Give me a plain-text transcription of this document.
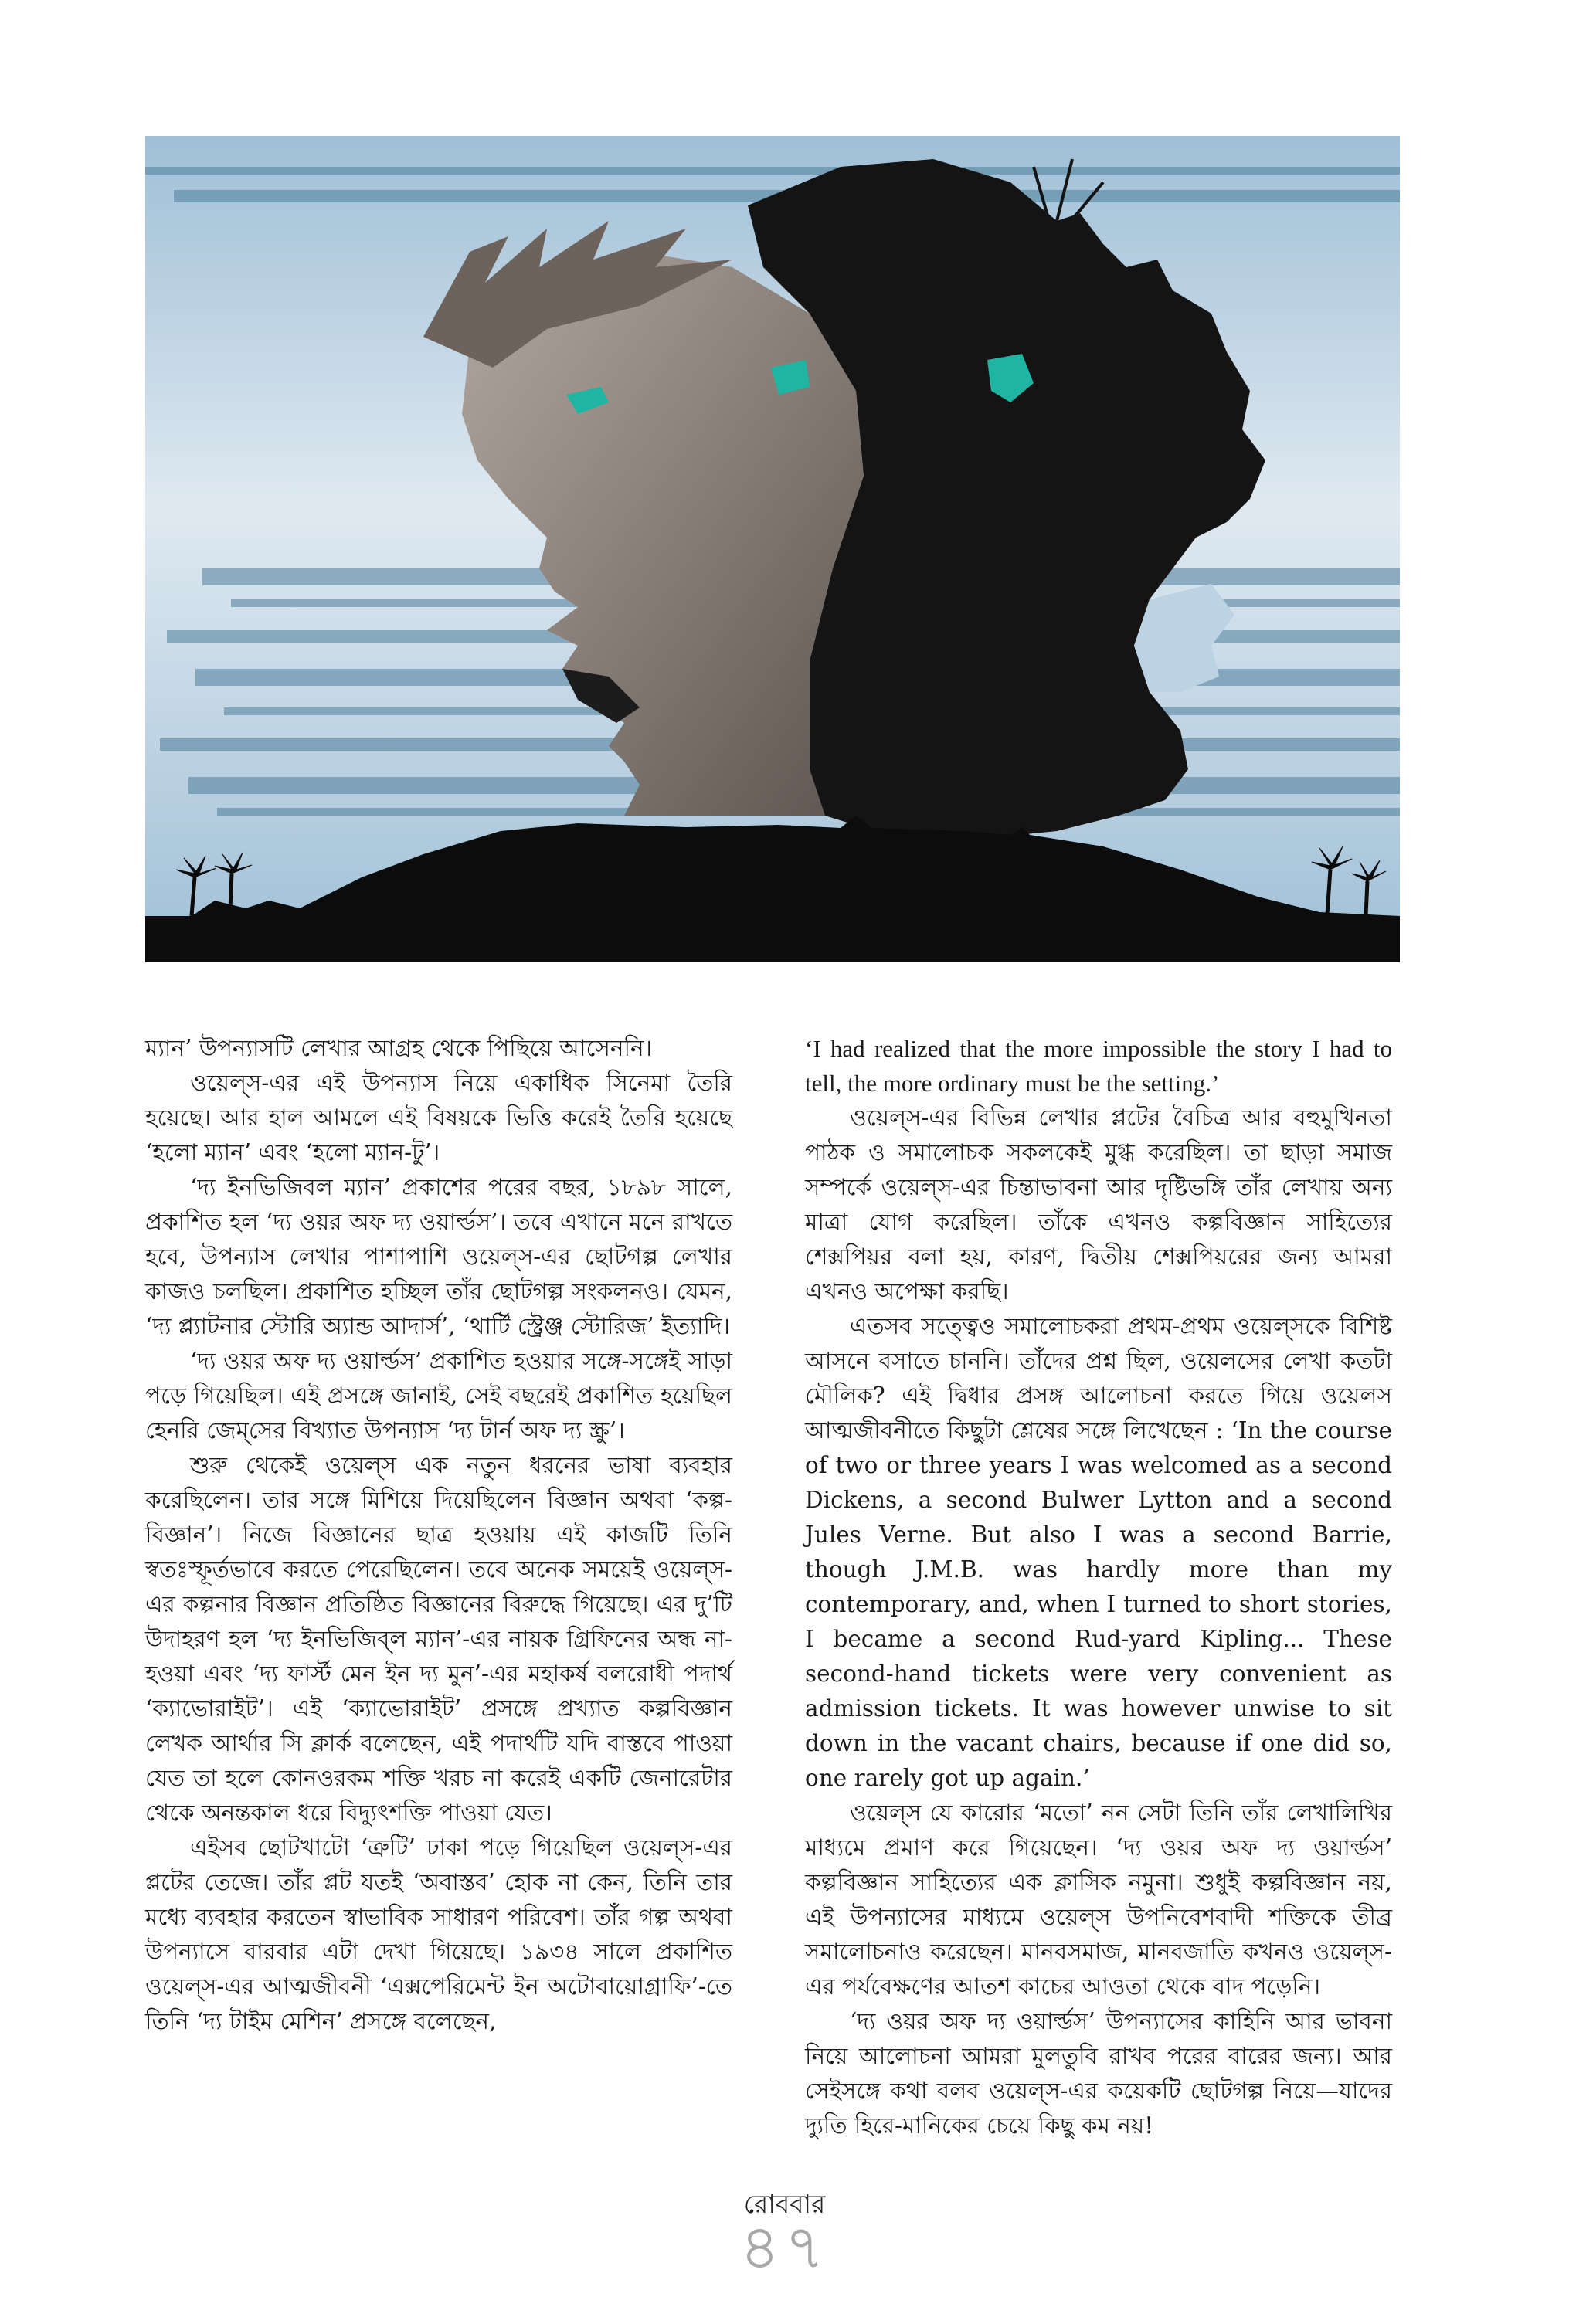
ম্যান’ উপন্যাসটি লেখার আগ্রহ থেকে পিছিয়ে আসেননি।

ওয়েল্‌স-এর এই উপন্যাস নিয়ে একাধিক সিনেমা তৈরি হয়েছে। আর হাল আমলে এই বিষয়কে ভিত্তি করেই তৈরি হয়েছে ‘হলো ম্যান’ এবং ‘হলো ম্যান-টু’।

‘দ্য ইনভিজিবল ম্যান’ প্রকাশের পরের বছর, ১৮৯৮ সালে, প্রকাশিত হল ‘দ্য ওয়র অফ দ্য ওয়ার্ল্ডস’। তবে এখানে মনে রাখতে হবে, উপন্যাস লেখার পাশাপাশি ওয়েল্‌স-এর ছোটগল্প লেখার কাজও চলছিল। প্রকাশিত হচ্ছিল তাঁর ছোটগল্প সংকলনও। যেমন, ‘দ্য প্ল্যাটনার স্টোরি অ্যান্ড আদার্স’, ‘থার্টি স্ট্রেঞ্জ স্টোরিজ’ ইত্যাদি।

‘দ্য ওয়র অফ দ্য ওয়ার্ল্ডস’ প্রকাশিত হওয়ার সঙ্গে-সঙ্গেই সাড়া পড়ে গিয়েছিল। এই প্রসঙ্গে জানাই, সেই বছরেই প্রকাশিত হয়েছিল হেনরি জেম্‌সের বিখ্যাত উপন্যাস ‘দ্য টার্ন অফ দ্য স্ক্রু’।

শুরু থেকেই ওয়েল্‌স এক নতুন ধরনের ভাষা ব্যবহার করেছিলেন। তার সঙ্গে মিশিয়ে দিয়েছিলেন বিজ্ঞান অথবা ‘কল্প-বিজ্ঞান’। নিজে বিজ্ঞানের ছাত্র হওয়ায় এই কাজটি তিনি স্বতঃস্ফূর্তভাবে করতে পেরেছিলেন। তবে অনেক সময়েই ওয়েল্‌স-এর কল্পনার বিজ্ঞান প্রতিষ্ঠিত বিজ্ঞানের বিরুদ্ধে গিয়েছে। এর দু’টি উদাহরণ হল ‘দ্য ইনভিজিব্‌ল ম্যান’-এর নায়ক গ্রিফিনের অন্ধ না-হওয়া এবং ‘দ্য ফার্স্ট মেন ইন দ্য মুন’-এর মহাকর্ষ বলরোধী পদার্থ ‘ক্যাভোরাইট’। এই ‘ক্যাভোরাইট’ প্রসঙ্গে প্রখ্যাত কল্পবিজ্ঞান লেখক আর্থার সি ক্লার্ক বলেছেন, এই পদার্থটি যদি বাস্তবে পাওয়া যেত তা হলে কোনওরকম শক্তি খরচ না করেই একটি জেনারেটার থেকে অনন্তকাল ধরে বিদ্যুৎশক্তি পাওয়া যেত।

এইসব ছোটখাটো ‘ত্রুটি’ ঢাকা পড়ে গিয়েছিল ওয়েল্‌স-এর প্লটের তেজে। তাঁর প্লট যতই ‘অবাস্তব’ হোক না কেন, তিনি তার মধ্যে ব্যবহার করতেন স্বাভাবিক সাধারণ পরিবেশ। তাঁর গল্প অথবা উপন্যাসে বারবার এটা দেখা গিয়েছে। ১৯৩৪ সালে প্রকাশিত ওয়েল্‌স-এর আত্মজীবনী ‘এক্সপেরিমেন্ট ইন অটোবায়োগ্রাফি’-তে তিনি ‘দ্য টাইম মেশিন’ প্রসঙ্গে বলেছেন,

‘I had realized that the more impossible the story I had to tell, the more ordinary must be the setting.’

ওয়েল্‌স-এর বিভিন্ন লেখার প্লটের বৈচিত্র আর বহুমুখিনতা পাঠক ও সমালোচক সকলকেই মুগ্ধ করেছিল। তা ছাড়া সমাজ সম্পর্কে ওয়েল্‌স-এর চিন্তাভাবনা আর দৃষ্টিভঙ্গি তাঁর লেখায় অন্য মাত্রা যোগ করেছিল। তাঁকে এখনও কল্পবিজ্ঞান সাহিত্যের শেক্সপিয়র বলা হয়, কারণ, দ্বিতীয় শেক্সপিয়রের জন্য আমরা এখনও অপেক্ষা করছি।

এতসব সত্ত্বেও সমালোচকরা প্রথম-প্রথম ওয়েল্‌সকে বিশিষ্ট আসনে বসাতে চাননি। তাঁদের প্রশ্ন ছিল, ওয়েলসের লেখা কতটা মৌলিক? এই দ্বিধার প্রসঙ্গ আলোচনা করতে গিয়ে ওয়েলস আত্মজীবনীতে কিছুটা শ্লেষের সঙ্গে লিখেছেন : ‘In the course of two or three years I was welcomed as a second Dickens, a second Bulwer Lytton and a second Jules Verne. But also I was a second Barrie, though J.M.B. was hardly more than my contemporary, and, when I turned to short stories, I became a second Rud-yard Kipling... These second-hand tickets were very convenient as admission tickets. It was however unwise to sit down in the vacant chairs, because if one did so, one rarely got up again.’

ওয়েল্‌স যে কারোর ‘মতো’ নন সেটা তিনি তাঁর লেখালিখির মাধ্যমে প্রমাণ করে গিয়েছেন। ‘দ্য ওয়র অফ দ্য ওয়ার্ল্ডস’ কল্পবিজ্ঞান সাহিত্যের এক ক্লাসিক নমুনা। শুধুই কল্পবিজ্ঞান নয়, এই উপন্যাসের মাধ্যমে ওয়েল্‌স উপনিবেশবাদী শক্তিকে তীব্র সমালোচনাও করেছেন। মানবসমাজ, মানবজাতি কখনও ওয়েল্‌স-এর পর্যবেক্ষণের আতশ কাচের আওতা থেকে বাদ পড়েনি।

‘দ্য ওয়র অফ দ্য ওয়ার্ল্ডস’ উপন্যাসের কাহিনি আর ভাবনা নিয়ে আলোচনা আমরা মুলতুবি রাখব পরের বারের জন্য। আর সেইসঙ্গে কথা বলব ওয়েল্‌স-এর কয়েকটি ছোটগল্প নিয়ে—যাদের দ্যুতি হিরে-মানিকের চেয়ে কিছু কম নয়!

রোববার
৪৭
